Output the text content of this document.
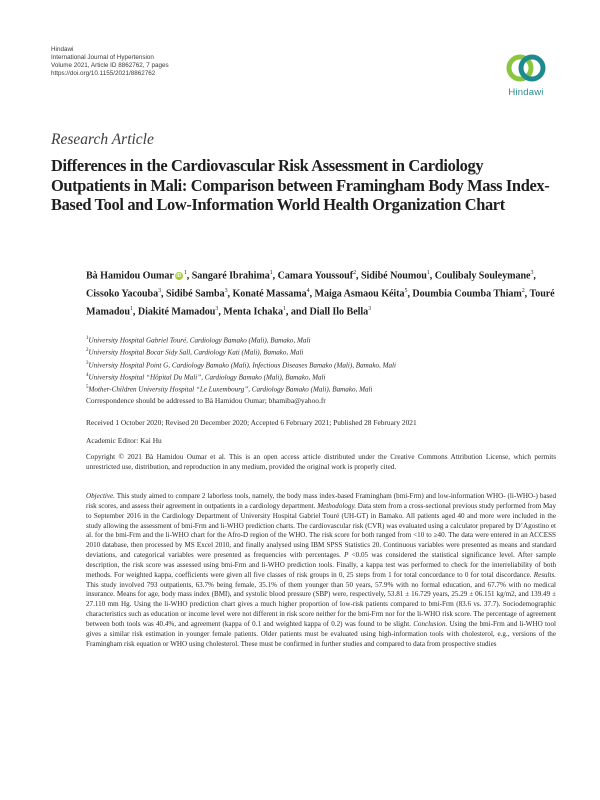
Hindawi
International Journal of Hypertension
Volume 2021, Article ID 8862762, 7 pages
https://doi.org/10.1155/2021/8862762
Hindawi
Research Article
Differences in the Cardiovascular Risk Assessment in Cardiology Outpatients in Mali: Comparison between Framingham Body Mass Index-Based Tool and Low-Information World Health Organization Chart
Bà Hamidou Oumar $iD^1$, Sangaré Ibrahima$^1$, Camara Youssouf$^2$, Sidibé Noumou$^1$, Coulibaly Souleymane$^3$, Cissoko Yacouba$^3$, Sidibé Samba$^3$, Konaté Massama$^4$, Maiga Asmaou Kéita$^5$, Doumbia Coumba Thiam$^2$, Touré Mamadou$^1$, Diakité Mamadou$^3$, Menta Ichaka$^1$, and Diall Ilo Bella$^3$
$^1$University Hospital Gabriel Touré, Cardiology Bamako (Mali), Bamako, Mali
$^2$University Hospital Bocar Sidy Sall, Cardiology Kati (Mali), Bamako, Mali
$^3$University Hospital Point G, Cardiology Bamako (Mali), Infectious Diseases Bamako (Mali), Bamako, Mali
$^4$University Hospital “Hôpital Du Mali”, Cardiology Bamako (Mali), Bamako, Mali
$^5$Mother-Children University Hospital “Le Luxembourg”, Cardiology Bamako (Mali), Bamako, Mali
Correspondence should be addressed to Bà Hamidou Oumar; bhamiba@yahoo.fr
Received 1 October 2020; Revised 20 December 2020; Accepted 6 February 2021; Published 28 February 2021
Academic Editor: Kai Hu
Copyright © 2021 Bà Hamidou Oumar et al. This is an open access article distributed under the Creative Commons Attribution License, which permits unrestricted use, distribution, and reproduction in any medium, provided the original work is properly cited.
Objective. This study aimed to compare 2 laborless tools, namely, the body mass index-based Framingham (bmi-Frm) and low-information WHO- (li-WHO-) based risk scores, and assess their agreement in outpatients in a cardiology department. Methodology. Data stem from a cross-sectional previous study performed from May to September 2016 in the Cardiology Department of University Hospital Gabriel Touré (UH-GT) in Bamako. All patients aged 40 and more were included in the study allowing the assessment of bmi-Frm and li-WHO prediction charts. The cardiovascular risk (CVR) was evaluated using a calculator prepared by D’Agostino et al. for the bmi-Frm and the li-WHO chart for the Afro-D region of the WHO. The risk score for both ranged from <10 to ≥40. The data were entered in an ACCESS 2010 database, then processed by MS Excel 2010, and finally analysed using IBM SPSS Statistics 20. Continuous variables were presented as means and standard deviations, and categorical variables were presented as frequencies with percentages. P <0.05 was considered the statistical significance level. After sample description, the risk score was assessed using bmi-Frm and li-WHO prediction tools. Finally, a kappa test was performed to check for the interreliability of both methods. For weighted kappa, coefficients were given all five classes of risk groups in 0, 25 steps from 1 for total concordance to 0 for total discordance. Results. This study involved 793 outpatients, 63.7% being female, 35.1% of them younger than 50 years, 57.9% with no formal education, and 67.7% with no medical insurance. Means for age, body mass index (BMI), and systolic blood pressure (SBP) were, respectively, 53.81 ± 16.729 years, 25.29 ± 06.151 kg/m2, and 139.49 ± 27.110 mm Hg. Using the li-WHO prediction chart gives a much higher proportion of low-risk patients compared to bmi-Frm (83.6 vs. 37.7). Sociodemographic characteristics such as education or income level were not different in risk score neither for the bmi-Frm nor for the li-WHO risk score. The percentage of agreement between both tools was 40.4%, and agreement (kappa of 0.1 and weighted kappa of 0.2) was found to be slight. Conclusion. Using the bmi-Frm and li-WHO tool gives a similar risk estimation in younger female patients. Older patients must be evaluated using high-information tools with cholesterol, e.g., versions of the Framingham risk equation or WHO using cholesterol. These must be confirmed in further studies and compared to data from prospective studies
